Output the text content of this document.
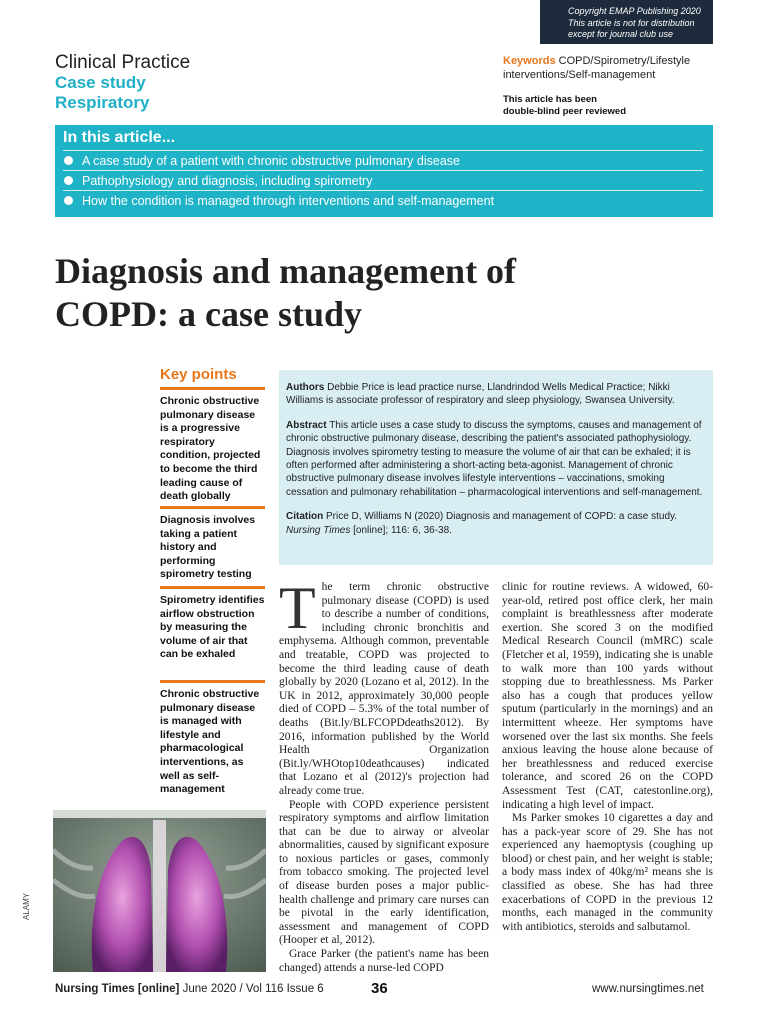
Copyright EMAP Publishing 2020
This article is not for distribution
except for journal club use
Clinical Practice
Case study
Respiratory
Keywords COPD/Spirometry/Lifestyle interventions/Self-management
This article has been
double-blind peer reviewed
In this article...
A case study of a patient with chronic obstructive pulmonary disease
Pathophysiology and diagnosis, including spirometry
How the condition is managed through interventions and self-management
Diagnosis and management of
COPD: a case study
Key points
Chronic obstructive pulmonary disease is a progressive respiratory condition, projected to become the third leading cause of death globally
Diagnosis involves taking a patient history and performing spirometry testing
Spirometry identifies airflow obstruction by measuring the volume of air that can be exhaled
Chronic obstructive pulmonary disease is managed with lifestyle and pharmacological interventions, as well as self-management

Authors Debbie Price is lead practice nurse, Llandrindod Wells Medical Practice; Nikki Williams is associate professor of respiratory and sleep physiology, Swansea University.

Abstract This article uses a case study to discuss the symptoms, causes and management of chronic obstructive pulmonary disease, describing the patient's associated pathophysiology. Diagnosis involves spirometry testing to measure the volume of air that can be exhaled; it is often performed after administering a short-acting beta-agonist. Management of chronic obstructive pulmonary disease involves lifestyle interventions – vaccinations, smoking cessation and pulmonary rehabilitation – pharmacological interventions and self-management.

Citation Price D, Williams N (2020) Diagnosis and management of COPD: a case study. Nursing Times [online]; 116: 6, 36-38.

The term chronic obstructive pulmonary disease (COPD) is used to describe a number of conditions, including chronic bronchitis and emphysema. Although common, preventable and treatable, COPD was projected to become the third leading cause of death globally by 2020 (Lozano et al, 2012). In the UK in 2012, approximately 30,000 people died of COPD – 5.3% of the total number of deaths (Bit.ly/BLFCOPDdeaths2012). By 2016, information published by the World Health Organization (Bit.ly/WHOtop10deathcauses) indicated that Lozano et al (2012)'s projection had already come true.

People with COPD experience persistent respiratory symptoms and airflow limitation that can be due to airway or alveolar abnormalities, caused by significant exposure to noxious particles or gases, commonly from tobacco smoking. The projected level of disease burden poses a major public-health challenge and primary care nurses can be pivotal in the early identification, assessment and management of COPD (Hooper et al, 2012).

Grace Parker (the patient's name has been changed) attends a nurse-led COPD

clinic for routine reviews. A widowed, 60-year-old, retired post office clerk, her main complaint is breathlessness after moderate exertion. She scored 3 on the modified Medical Research Council (mMRC) scale (Fletcher et al, 1959), indicating she is unable to walk more than 100 yards without stopping due to breathlessness. Ms Parker also has a cough that produces yellow sputum (particularly in the mornings) and an intermittent wheeze. Her symptoms have worsened over the last six months. She feels anxious leaving the house alone because of her breathlessness and reduced exercise tolerance, and scored 26 on the COPD Assessment Test (CAT, catestonline.org), indicating a high level of impact.

Ms Parker smokes 10 cigarettes a day and has a pack-year score of 29. She has not experienced any haemoptysis (coughing up blood) or chest pain, and her weight is stable; a body mass index of 40kg/m² means she is classified as obese. She has had three exacerbations of COPD in the previous 12 months, each managed in the community with antibiotics, steroids and salbutamol.

ALAMY
Nursing Times [online] June 2020 / Vol 116 Issue 6	36	www.nursingtimes.net
